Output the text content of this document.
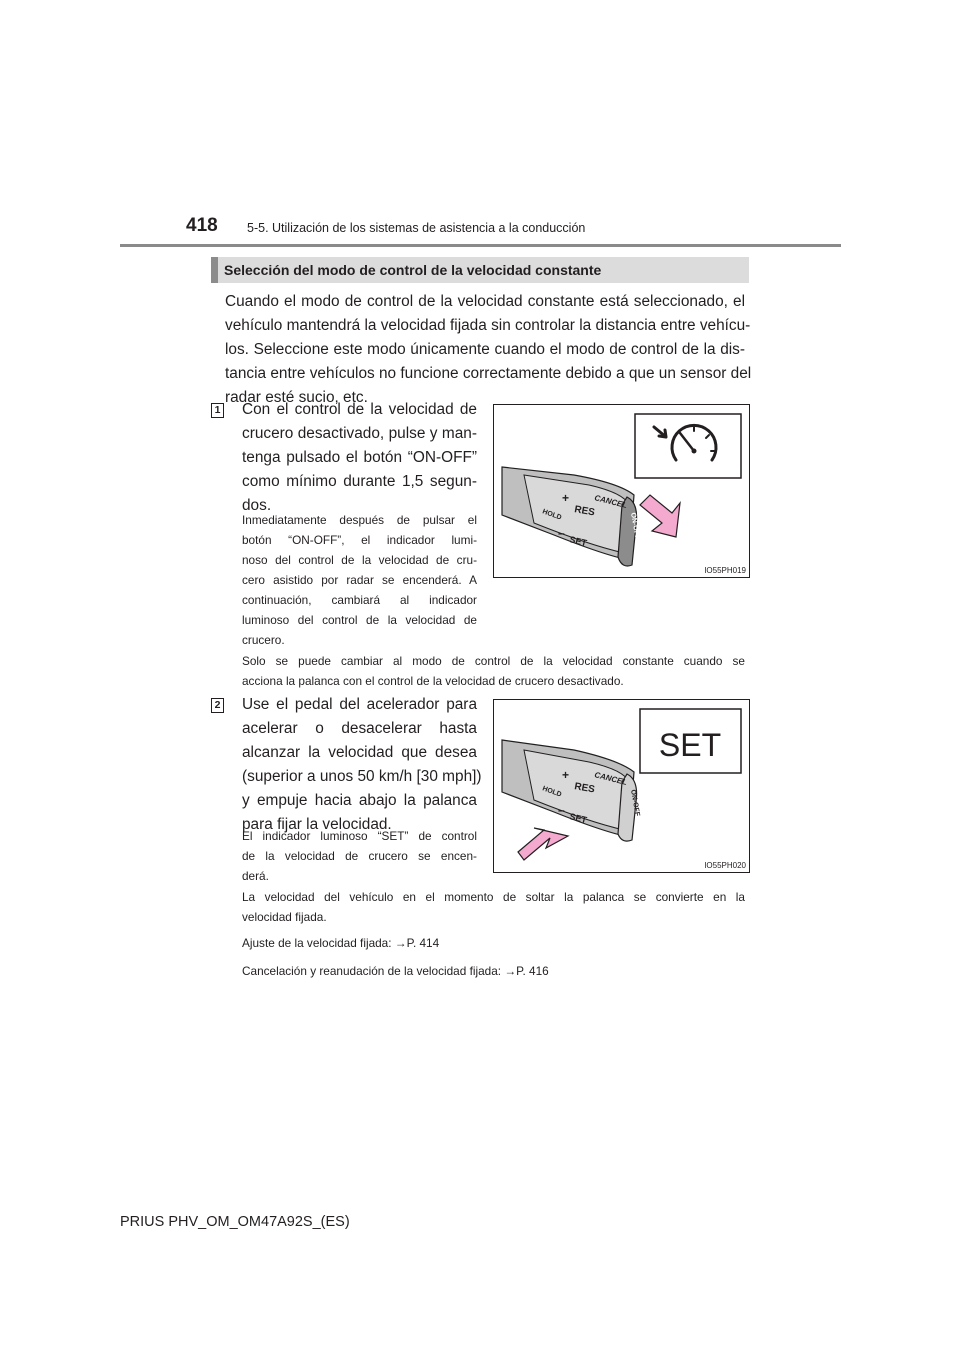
418 5-5. Utilización de los sistemas de asistencia a la conducción
Selección del modo de control de la velocidad constante
Cuando el modo de control de la velocidad constante está seleccionado, el
vehículo mantendrá la velocidad fijada sin controlar la distancia entre vehícu-
los. Seleccione este modo únicamente cuando el modo de control de la dis-
tancia entre vehículos no funcione correctamente debido a que un sensor del
radar esté sucio, etc.
1 Con el control de la velocidad de
crucero desactivado, pulse y man-
tenga pulsado el botón “ON-OFF”
como mínimo durante 1,5 segun-
dos.
Inmediatamente después de pulsar el
botón “ON-OFF”, el indicador lumi-
noso del control de la velocidad de cru-
cero asistido por radar se encenderá. A
continuación, cambiará al indicador
luminoso del control de la velocidad de
crucero.
CANCEL
+
RES
HOLD
–
SET
ON-OFF
IO55PH019
Solo se puede cambiar al modo de control de la velocidad constante cuando se
acciona la palanca con el control de la velocidad de crucero desactivado.
2 Use el pedal del acelerador para
acelerar o desacelerar hasta
alcanzar la velocidad que desea
(superior a unos 50 km/h [30 mph])
y empuje hacia abajo la palanca
para fijar la velocidad.
El indicador luminoso “SET” de control
de la velocidad de crucero se encen-
derá.
SET
CANCEL
+
RES
HOLD
–
SET
ON-OFF
IO55PH020
La velocidad del vehículo en el momento de soltar la palanca se convierte en la
velocidad fijada.
Ajuste de la velocidad fijada: →P. 414
Cancelación y reanudación de la velocidad fijada: →P. 416
PRIUS PHV_OM_OM47A92S_(ES)
